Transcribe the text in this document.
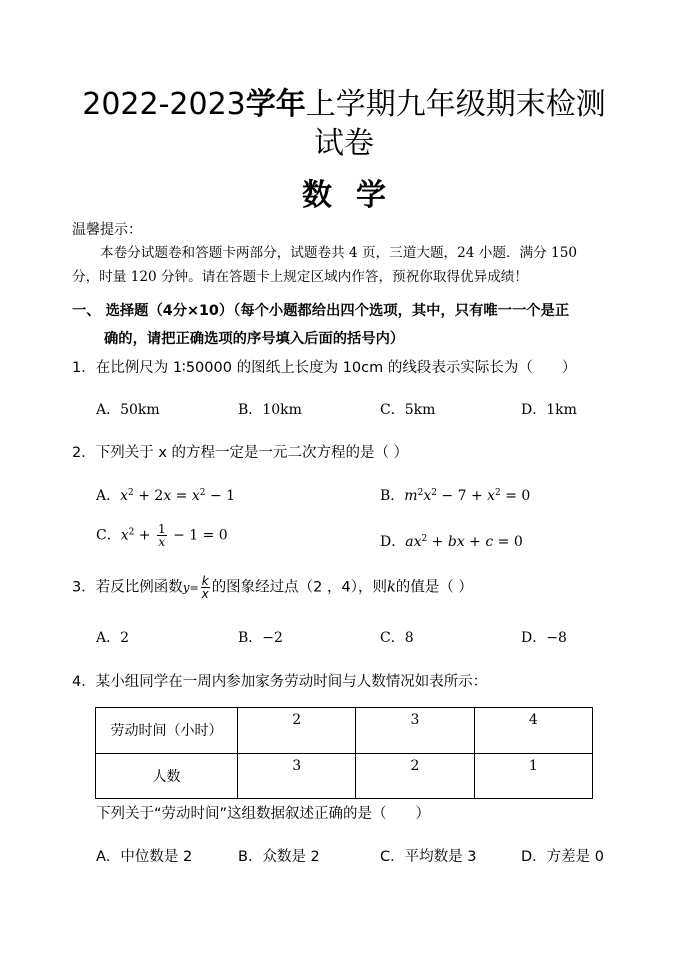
2022-2023学年上学期九年级期末检测
试卷
数学
温馨提示：
本卷分试题卷和答题卡两部分，试题卷共 4 页，三道大题，24 小题．满分 150
分，时量 120 分钟。请在答题卡上规定区域内作答，预祝你取得优异成绩！
一、 选择题（4分×10）（每个小题都给出四个选项，其中，只有唯一一个是正
确的，请把正确选项的序号填入后面的括号内）
1．在比例尺为 1∶50000 的图纸上长度为 10cm 的线段表示实际长为（　　）
A．50km	B．10km	C．5km	D．1km
2．下列关于 x 的方程一定是一元二次方程的是（ ）
A．$x^2 + 2x = x^2 - 1$	B．$m^2x^2 - 7 + x^2 = 0$
C．$x^2 + \frac{1}{x} - 1 = 0$	D．$ax^2$ + bx + c = 0
3．若反比例函数$y= \frac{k}{x}$ 的图象经过点（2 ，4），则k的值是（ ）
A．2	B．−2	C．8	D．−8
4．某小组同学在一周内参加家务劳动时间与人数情况如表所示：
劳动时间（小时）	2	3	4
人数	3	2	1
下列关于“劳动时间”这组数据叙述正确的是（　　）
A．中位数是 2	B．众数是 2	C．平均数是 3	D．方差是 0
